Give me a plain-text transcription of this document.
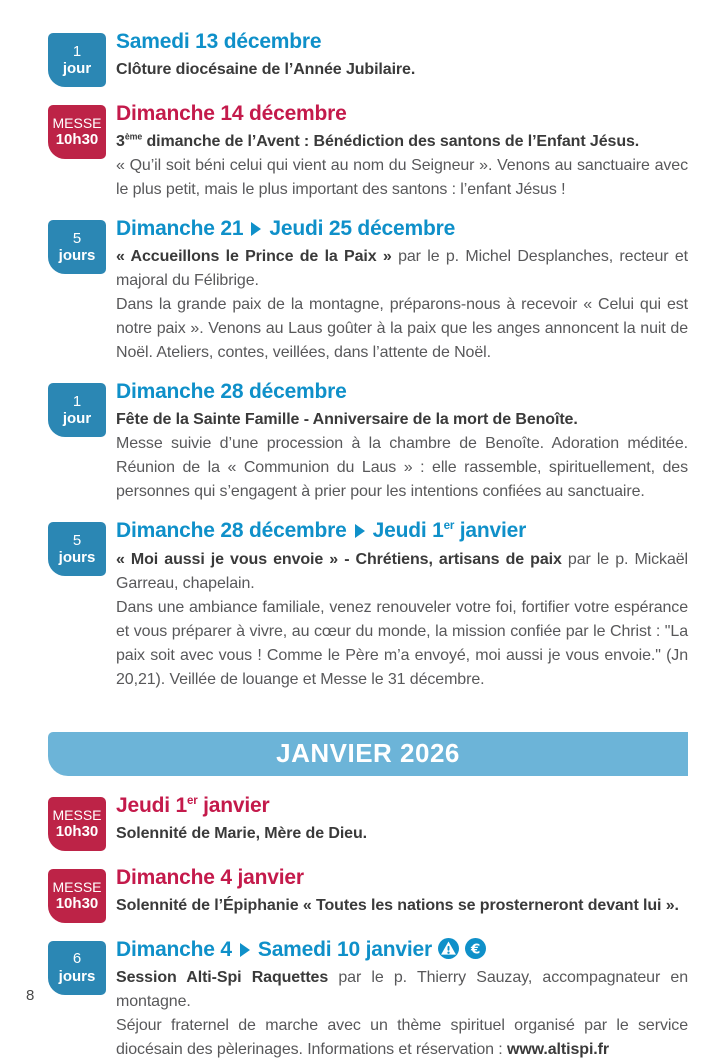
1
jour
Samedi 13 décembre

Clôture diocésaine de l’Année Jubilaire.

MESSE
10h30
Dimanche 14 décembre

3ème dimanche de l’Avent : Bénédiction des santons de l’Enfant Jésus.

« Qu’il soit béni celui qui vient au nom du Seigneur ». Venons au sanctuaire avec le plus petit, mais le plus important des santons : l’enfant Jésus !

5
jours
Dimanche 21 Jeudi 25 décembre

« Accueillons le Prince de la Paix » par le p. Michel Desplanches, recteur et majoral du Félibrige.

Dans la grande paix de la montagne, préparons-nous à recevoir « Celui qui est notre paix ». Venons au Laus goûter à la paix que les anges annoncent la nuit de Noël. Ateliers, contes, veillées, dans l’attente de Noël.

1
jour
Dimanche 28 décembre

Fête de la Sainte Famille - Anniversaire de la mort de Benoîte.

Messe suivie d’une procession à la chambre de Benoîte. Adoration méditée. Réunion de la « Communion du Laus » : elle rassemble, spirituellement, des personnes qui s’engagent à prier pour les intentions confiées au sanctuaire.

5
jours
Dimanche 28 décembre Jeudi 1er janvier

« Moi aussi je vous envoie » - Chrétiens, artisans de paix par le p. Mickaël Garreau, chapelain.

Dans une ambiance familiale, venez renouveler votre foi, fortifier votre espérance et vous préparer à vivre, au cœur du monde, la mission confiée par le Christ : "La paix soit avec vous ! Comme le Père m’a envoyé, moi aussi je vous envoie." (Jn 20,21). Veillée de louange et Messe le 31 décembre.

JANVIER 2026
MESSE
10h30
Jeudi 1er janvier

Solennité de Marie, Mère de Dieu.

MESSE
10h30
Dimanche 4 janvier

Solennité de l’Épiphanie « Toutes les nations se prosterneront devant lui ».

6
jours
Dimanche 4 Samedi 10 janvier	€

Session Alti-Spi Raquettes par le p. Thierry Sauzay, accompagnateur en montagne.

Séjour fraternel de marche avec un thème spirituel organisé par le service diocésain des pèlerinages. Informations et réservation : www.altispi.fr

8
